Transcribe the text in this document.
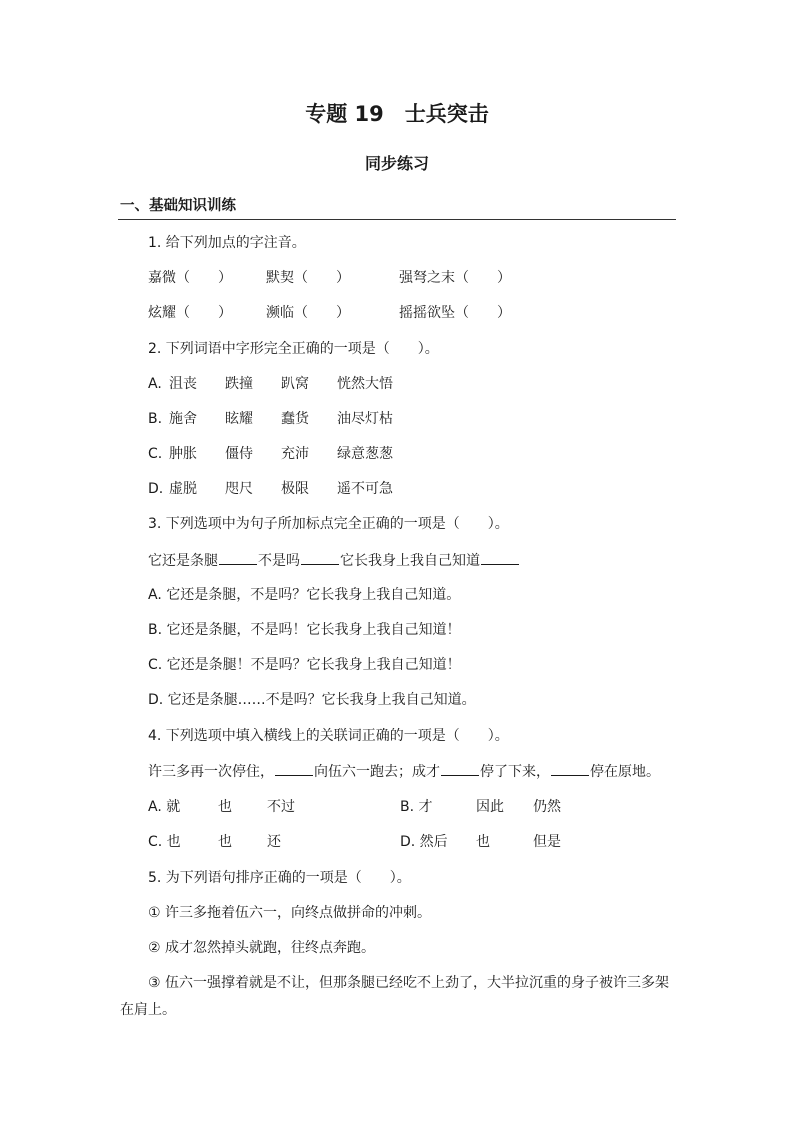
专题 19　士兵突击
同步练习
一、基础知识训练
1. 给下列加点的字注音。
嘉微（　　） 默契（　　）	强弩之末（　　）
炫耀（　　） 濒临（　　）	摇摇欲坠（　　）
2. 下列词语中字形完全正确的一项是（　　）。
A. 沮丧 跌撞 趴窝 恍然大悟
B. 施舍 眩耀 蠢货 油尽灯枯
C. 肿胀 僵侍 充沛 绿意葱葱
D. 虚脱 咫尺 极限 遥不可急
3. 下列选项中为句子所加标点完全正确的一项是（　　）。
它还是条腿	不是吗	它长我身上我自己知道
A. 它还是条腿，不是吗？它长我身上我自己知道。
B. 它还是条腿，不是吗！它长我身上我自己知道！
C. 它还是条腿！不是吗？它长我身上我自己知道！
D. 它还是条腿……不是吗？它长我身上我自己知道。
4. 下列选项中填入横线上的关联词正确的一项是（　　）。
许三多再一次停住，	向伍六一跑去；成才	停了下来，	停在原地。
A. 就	也	不过	B. 才	因此 仍然
C. 也	也	还	D. 然后 也	但是
5. 为下列语句排序正确的一项是（　　）。
① 许三多拖着伍六一，向终点做拼命的冲刺。
② 成才忽然掉头就跑，往终点奔跑。
③ 伍六一强撑着就是不让，但那条腿已经吃不上劲了，大半拉沉重的身子被许三多架
在肩上。
